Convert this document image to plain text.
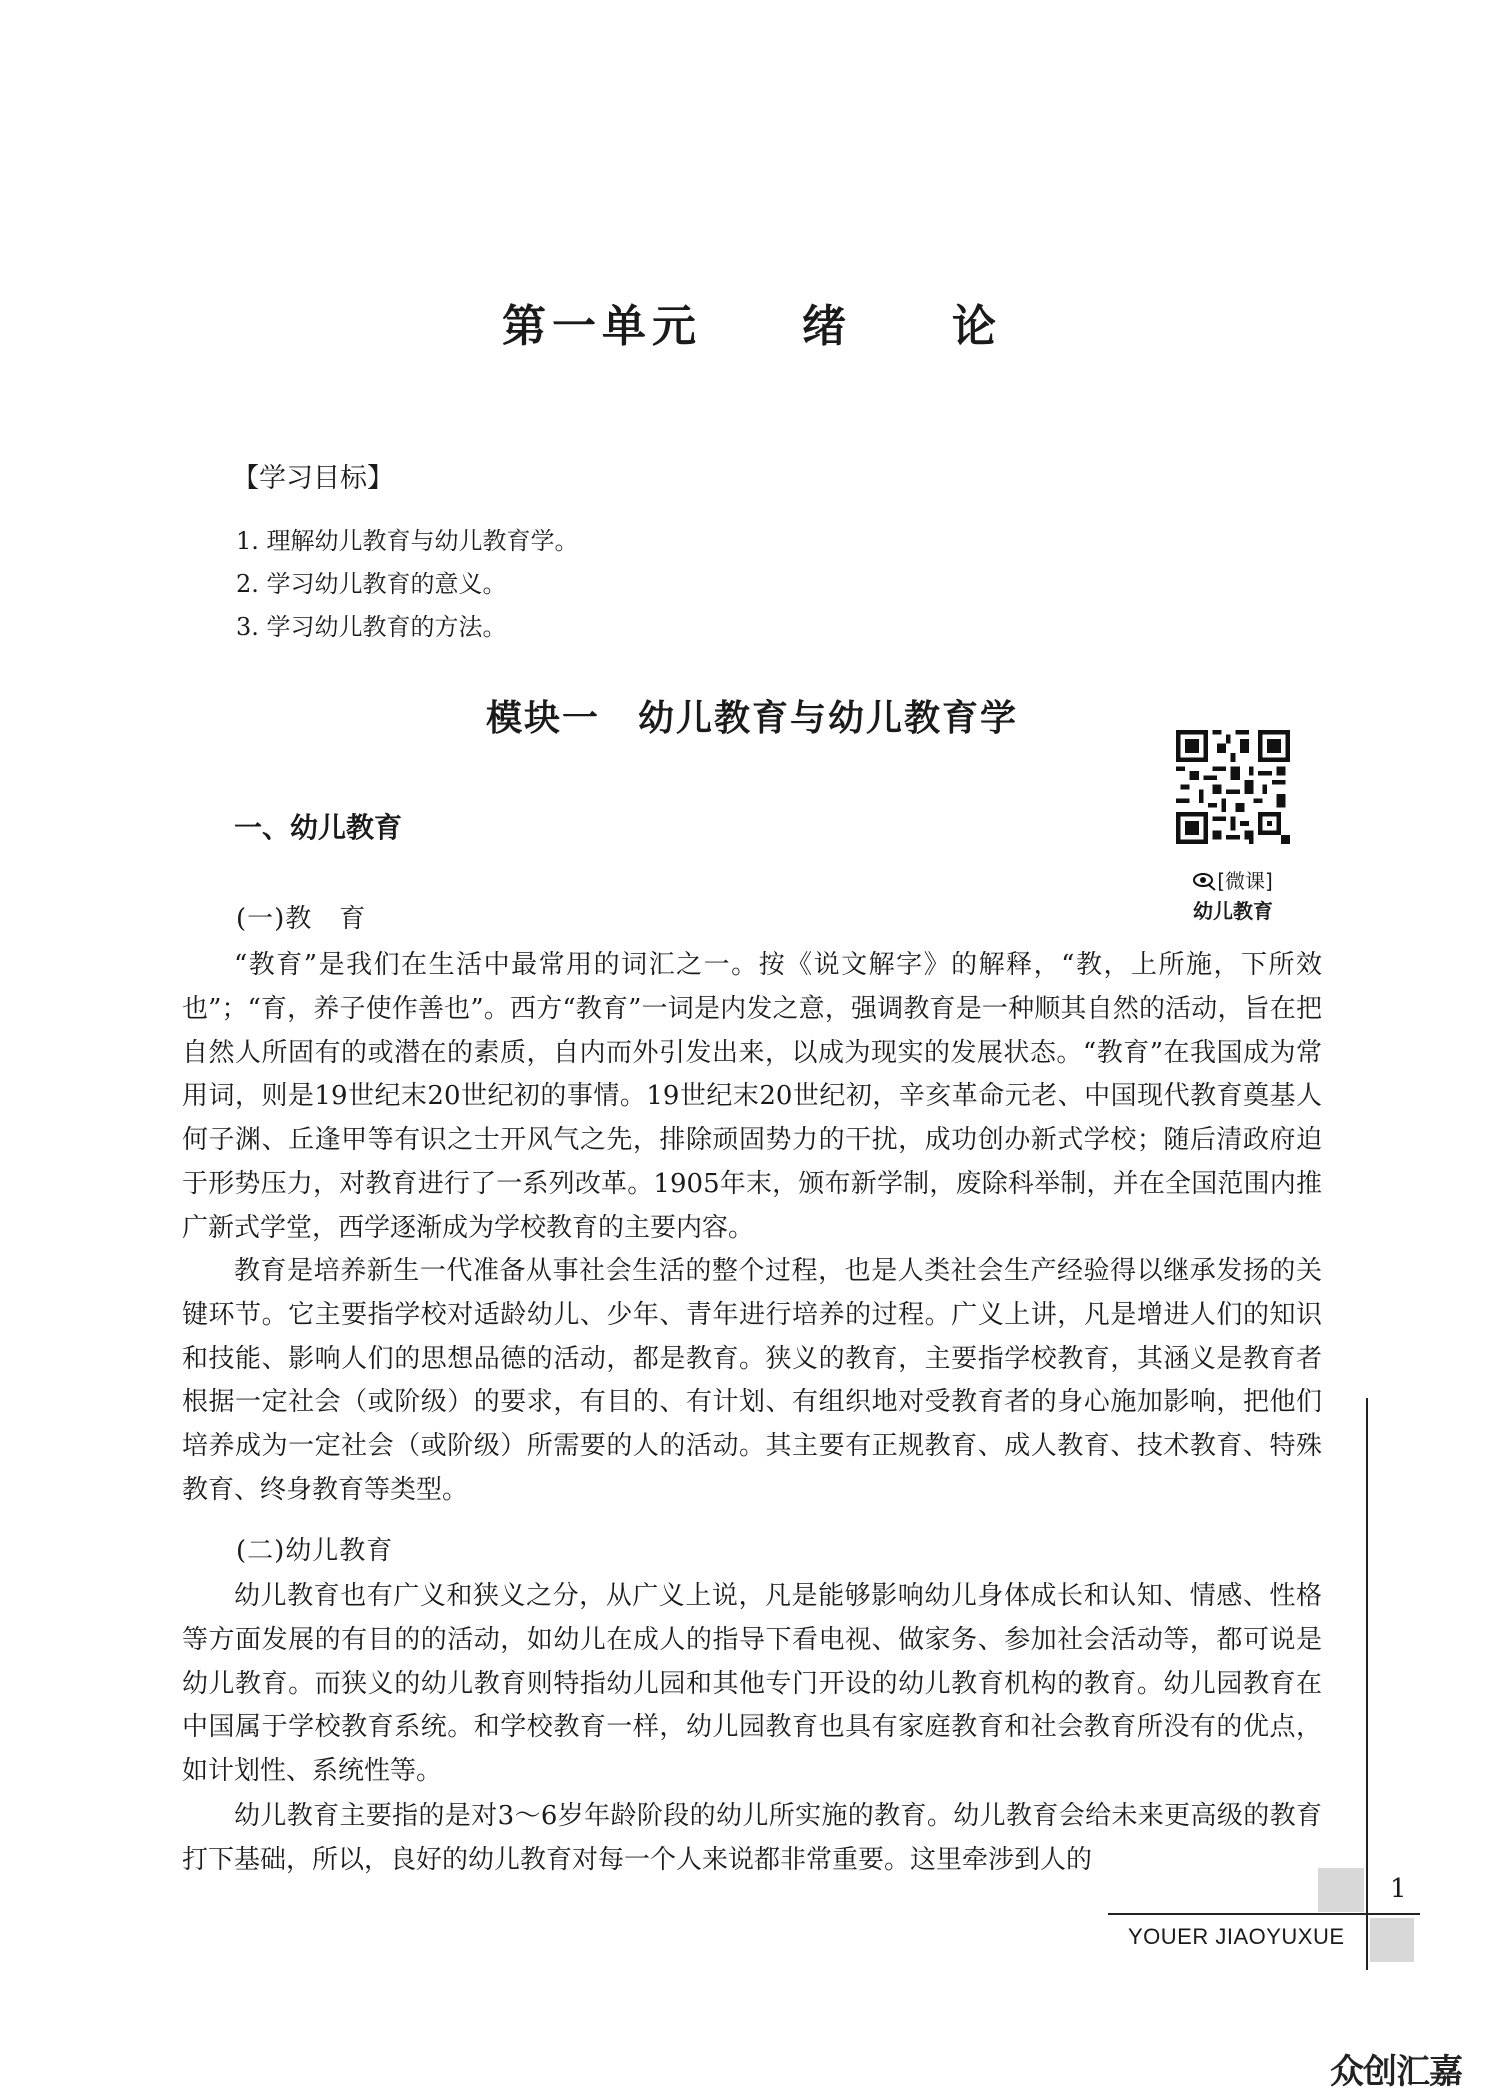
第一单元　　绪　　论
【学习目标】
1. 理解幼儿教育与幼儿教育学。
2. 学习幼儿教育的意义。
3. 学习幼儿教育的方法。
模块一　幼儿教育与幼儿教育学
一、幼儿教育
[微课]
幼儿教育
(一)教　育
“教育”是我们在生活中最常用的词汇之一。按《说文解字》的解释，“教，上所施，下所效也”；“育，养子使作善也”。西方“教育”一词是内发之意，强调教育是一种顺其自然的活动，旨在把自然人所固有的或潜在的素质，自内而外引发出来，以成为现实的发展状态。“教育”在我国成为常用词，则是19世纪末20世纪初的事情。19世纪末20世纪初，辛亥革命元老、中国现代教育奠基人何子渊、丘逢甲等有识之士开风气之先，排除顽固势力的干扰，成功创办新式学校；随后清政府迫于形势压力，对教育进行了一系列改革。1905年末，颁布新学制，废除科举制，并在全国范围内推广新式学堂，西学逐渐成为学校教育的主要内容。
教育是培养新生一代准备从事社会生活的整个过程，也是人类社会生产经验得以继承发扬的关键环节。它主要指学校对适龄幼儿、少年、青年进行培养的过程。广义上讲，凡是增进人们的知识和技能、影响人们的思想品德的活动，都是教育。狭义的教育，主要指学校教育，其涵义是教育者根据一定社会（或阶级）的要求，有目的、有计划、有组织地对受教育者的身心施加影响，把他们培养成为一定社会（或阶级）所需要的人的活动。其主要有正规教育、成人教育、技术教育、特殊教育、终身教育等类型。
(二)幼儿教育
幼儿教育也有广义和狭义之分，从广义上说，凡是能够影响幼儿身体成长和认知、情感、性格等方面发展的有目的的活动，如幼儿在成人的指导下看电视、做家务、参加社会活动等，都可说是幼儿教育。而狭义的幼儿教育则特指幼儿园和其他专门开设的幼儿教育机构的教育。幼儿园教育在中国属于学校教育系统。和学校教育一样，幼儿园教育也具有家庭教育和社会教育所没有的优点，如计划性、系统性等。
幼儿教育主要指的是对3～6岁年龄阶段的幼儿所实施的教育。幼儿教育会给未来更高级的教育打下基础，所以，良好的幼儿教育对每一个人来说都非常重要。这里牵涉到人的
1
YOUER JIAOYUXUE
众创汇嘉
